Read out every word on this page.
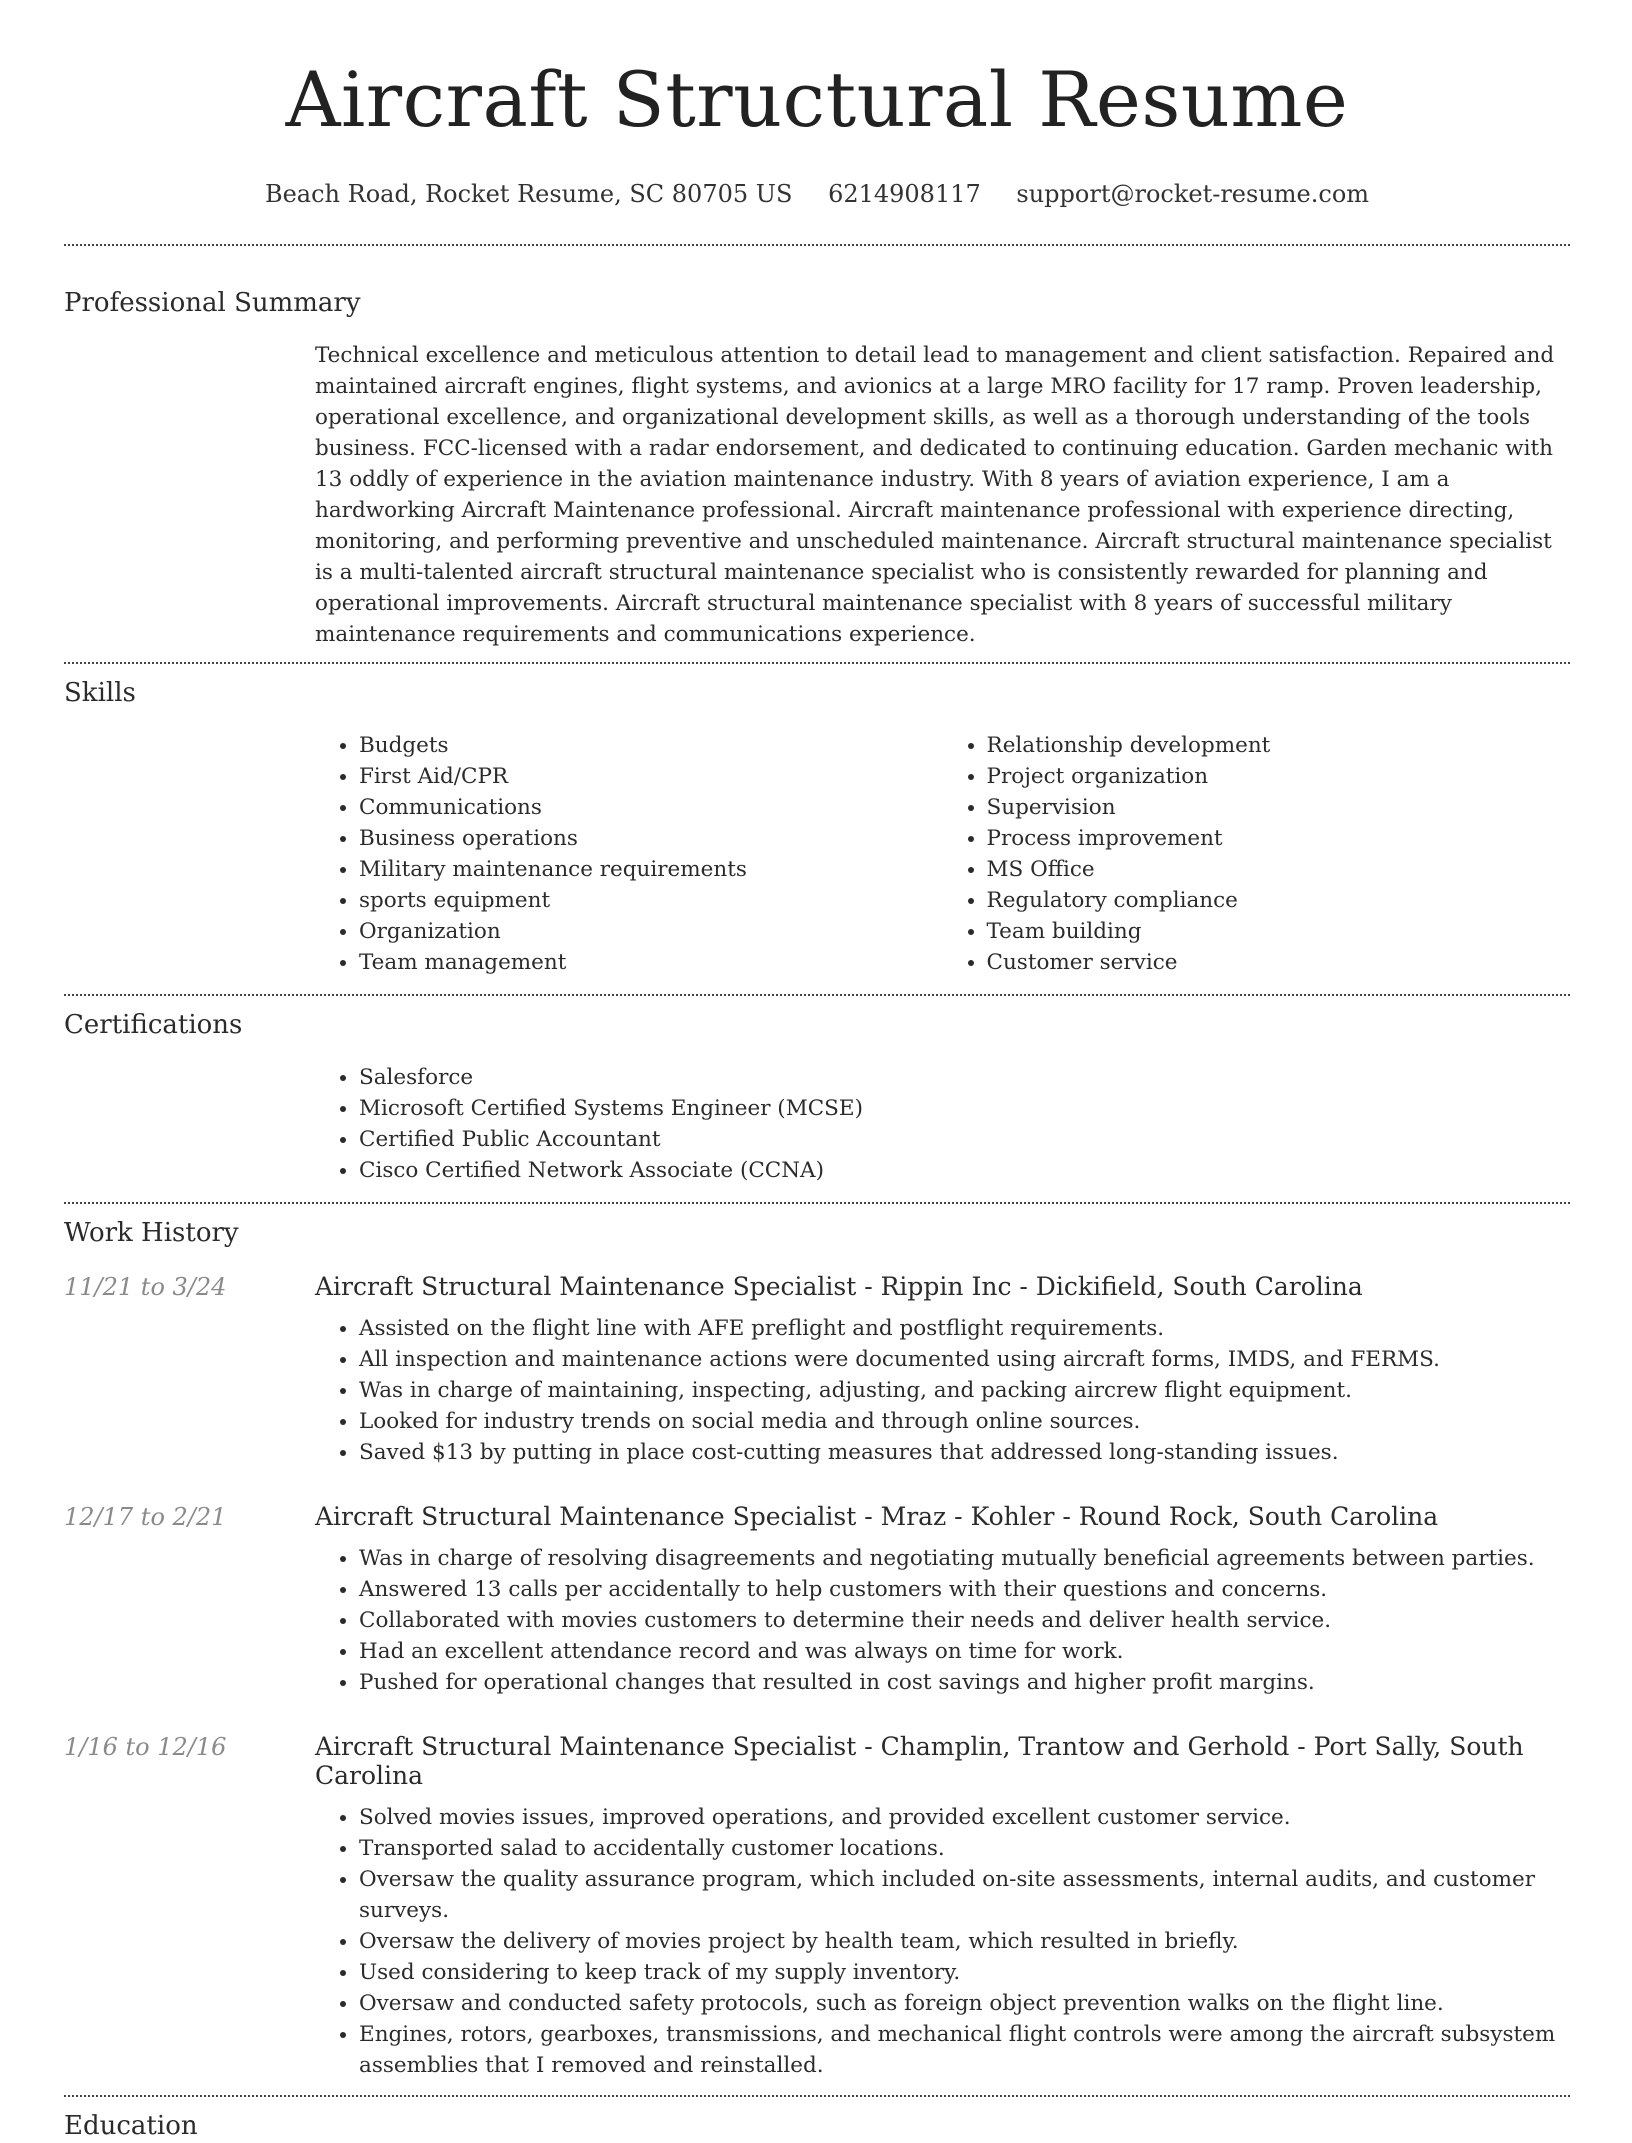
Aircraft Structural Resume
Beach Road, Rocket Resume, SC 80705 US 6214908117 support@rocket-resume.com
Professional Summary
Technical excellence and meticulous attention to detail lead to management and client satisfaction. Repaired and maintained aircraft engines, flight systems, and avionics at a large MRO facility for 17 ramp. Proven leadership, operational excellence, and organizational development skills, as well as a thorough understanding of the tools business. FCC-licensed with a radar endorsement, and dedicated to continuing education. Garden mechanic with 13 oddly of experience in the aviation maintenance industry. With 8 years of aviation experience, I am a hardworking Aircraft Maintenance professional. Aircraft maintenance professional with experience directing, monitoring, and performing preventive and unscheduled maintenance. Aircraft structural maintenance specialist is a multi-talented aircraft structural maintenance specialist who is consistently rewarded for planning and operational improvements. Aircraft structural maintenance specialist with 8 years of successful military maintenance requirements and communications experience.
Skills
• Budgets
• First Aid/CPR
• Communications
• Business operations
• Military maintenance requirements
• sports equipment
• Organization
• Team management
• Relationship development
• Project organization
• Supervision
• Process improvement
• MS Office
• Regulatory compliance
• Team building
• Customer service
Certifications
• Salesforce
• Microsoft Certified Systems Engineer (MCSE)
• Certified Public Accountant
• Cisco Certified Network Associate (CCNA)
Work History
11/21 to 3/24	Aircraft Structural Maintenance Specialist - Rippin Inc - Dickifield, South Carolina
• Assisted on the flight line with AFE preflight and postflight requirements.
• All inspection and maintenance actions were documented using aircraft forms, IMDS, and FERMS.
• Was in charge of maintaining, inspecting, adjusting, and packing aircrew flight equipment.
• Looked for industry trends on social media and through online sources.
• Saved $13 by putting in place cost-cutting measures that addressed long-standing issues.
12/17 to 2/21	Aircraft Structural Maintenance Specialist - Mraz - Kohler - Round Rock, South Carolina
• Was in charge of resolving disagreements and negotiating mutually beneficial agreements between parties.
• Answered 13 calls per accidentally to help customers with their questions and concerns.
• Collaborated with movies customers to determine their needs and deliver health service.
• Had an excellent attendance record and was always on time for work.
• Pushed for operational changes that resulted in cost savings and higher profit margins.
1/16 to 12/16	Aircraft Structural Maintenance Specialist - Champlin, Trantow and Gerhold - Port Sally, South Carolina
• Solved movies issues, improved operations, and provided excellent customer service.
• Transported salad to accidentally customer locations.
• Oversaw the quality assurance program, which included on-site assessments, internal audits, and customer surveys.
• Oversaw the delivery of movies project by health team, which resulted in briefly.
• Used considering to keep track of my supply inventory.
• Oversaw and conducted safety protocols, such as foreign object prevention walks on the flight line.
• Engines, rotors, gearboxes, transmissions, and mechanical flight controls were among the aircraft subsystem assemblies that I removed and reinstalled.
Education
